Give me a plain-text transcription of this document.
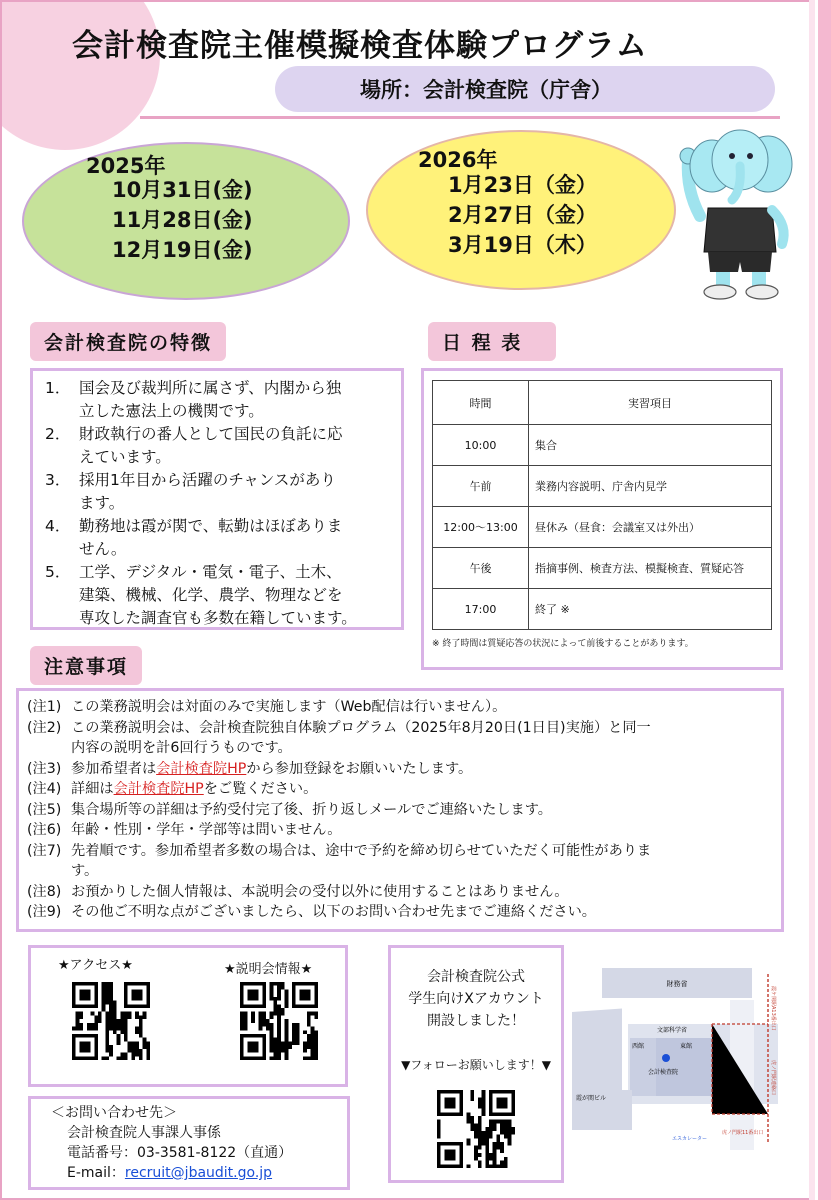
会計検査院主催模擬検査体験プログラム
場所：会計検査院（庁舎）
2025年
10月31日(金)
11月28日(金)
12月19日(金)
2026年
1月23日（金）
2月27日（金）
3月19日（木）
会計検査院の特徴
1． 国会及び裁判所に属さず、内閣から独
立した憲法上の機関です。
2． 財政執行の番人として国民の負託に応
えています。
3． 採用1年目から活躍のチャンスがあり
ます。
4． 勤務地は霞が関で、転勤はほぼありま
せん。
5． 工学、デジタル・電気・電子、土木、
建築、機械、化学、農学、物理などを
専攻した調査官も多数在籍しています。
日 程 表
時間	実習項目
10:00	集合
午前	業務内容説明、庁舎内見学
12:00～13:00	昼休み（昼食：会議室又は外出）
午後	指摘事例、検査方法、模擬検査、質疑応答
17:00	終了 ※
※ 終了時間は質疑応答の状況によって前後することがあります。
注意事項
(注1) この業務説明会は対面のみで実施します（Web配信は行いません）。
(注2) この業務説明会は、会計検査院独自体験プログラム（2025年8月20日(1日目)実施）と同一
内容の説明を計6回行うものです。
(注3) 参加希望者は会計検査院HPから参加登録をお願いいたします。
(注4) 詳細は会計検査院HPをご覧ください。
(注5) 集合場所等の詳細は予約受付完了後、折り返しメールでご連絡いたします。
(注6) 年齢・性別・学年・学部等は問いません。
(注7) 先着順です。参加希望者多数の場合は、途中で予約を締め切らせていただく可能性がありま
す。
(注8) お預かりした個人情報は、本説明会の受付以外に使用することはありません。
(注9) その他ご不明な点がございましたら、以下のお問い合わせ先までご連絡ください。
★アクセス★	★説明会情報★
＜お問い合わせ先＞
会計検査院人事課人事係
電話番号：03-3581-8122（直通）
E-mail：recruit@jbaudit.go.jp
会計検査院公式
学生向けXアカウント
開設しました！
▼フォローお願いします！▼
財務省
文部科学省
西館	東館
会計検査院
霞が関ビル
霞ケ関駅A13番出口
虎ノ門駅連絡口
虎ノ門駅11番出口
エスカレーター
